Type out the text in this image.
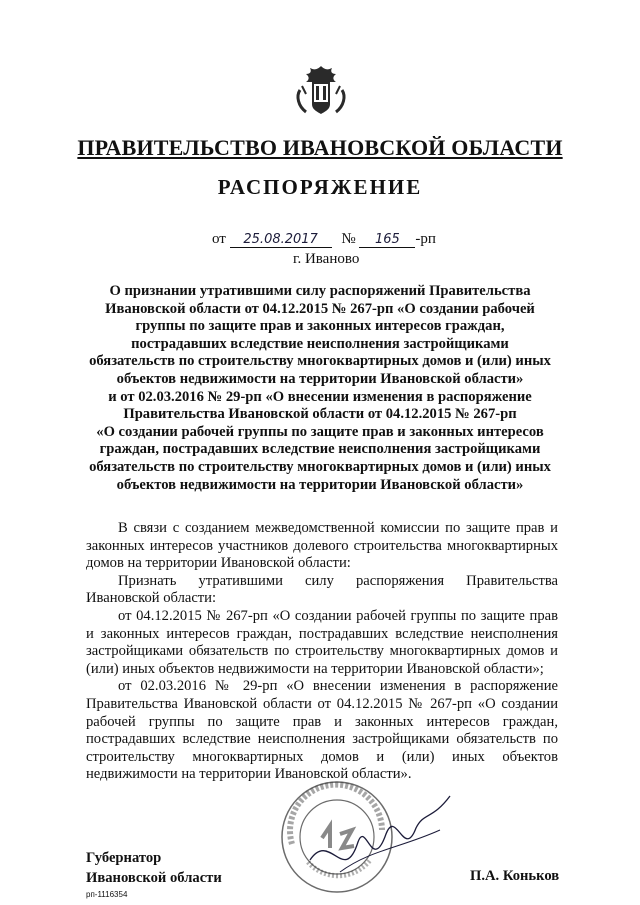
ПРАВИТЕЛЬСТВО ИВАНОВСКОЙ ОБЛАСТИ
РАСПОРЯЖЕНИЕ
от 25.08.2017 № 165 -рп
г. Иваново
О признании утратившими силу распоряжений Правительства
Ивановской области от 04.12.2015 № 267-рп «О создании рабочей
группы по защите прав и законных интересов граждан,
пострадавших вследствие неисполнения застройщиками
обязательств по строительству многоквартирных домов и (или) иных
объектов недвижимости на территории Ивановской области»
и от 02.03.2016 № 29-рп «О внесении изменения в распоряжение
Правительства Ивановской области от 04.12.2015 № 267-рп
«О создании рабочей группы по защите прав и законных интересов
граждан, пострадавших вследствие неисполнения застройщиками
обязательств по строительству многоквартирных домов и (или) иных
объектов недвижимости на территории Ивановской области»

В связи с созданием межведомственной комиссии по защите прав и законных интересов участников долевого строительства многоквартирных домов на территории Ивановской области:

Признать утратившими силу распоряжения Правительства Ивановской области:

от 04.12.2015 № 267-рп «О создании рабочей группы по защите прав и законных интересов граждан, пострадавших вследствие неисполнения застройщиками обязательств по строительству многоквартирных домов и (или) иных объектов недвижимости на территории Ивановской области»;

от 02.03.2016 № 29-рп «О внесении изменения в распоряжение Правительства Ивановской области от 04.12.2015 № 267-рп «О создании рабочей группы по защите прав и законных интересов граждан, пострадавших вследствие неисполнения застройщиками обязательств по строительству многоквартирных домов и (или) иных объектов недвижимости на территории Ивановской области».

Губернатор
Ивановской области	П.А. Коньков
рп-1116354
